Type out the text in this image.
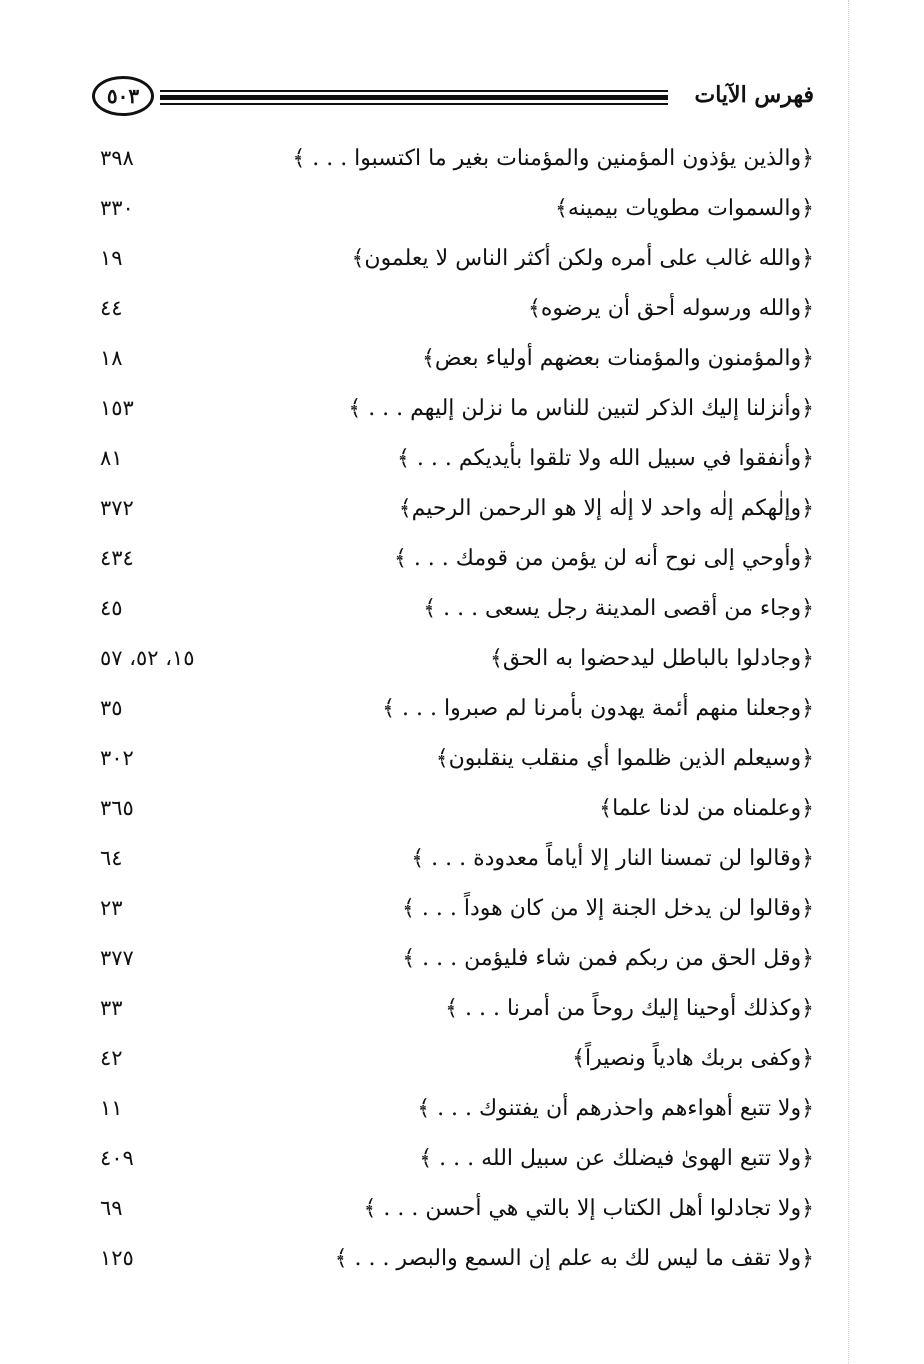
فهرس الآيات
٥٠٣
﴿والذين يؤذون المؤمنين والمؤمنات بغير ما اكتسبوا . . . ﴾
٣٩٨
﴿والسموات مطويات بيمينه﴾
٣٣٠
﴿والله غالب على أمره ولكن أكثر الناس لا يعلمون﴾
١٩
﴿والله ورسوله أحق أن يرضوه﴾
٤٤
﴿والمؤمنون والمؤمنات بعضهم أولياء بعض﴾
١٨
﴿وأنزلنا إليك الذكر لتبين للناس ما نزلن إليهم . . . ﴾
١٥٣
﴿وأنفقوا في سبيل الله ولا تلقوا بأيديكم . . . ﴾
٨١
﴿وإلٰهكم إلٰه واحد لا إلٰه إلا هو الرحمن الرحيم﴾
٣٧٢
﴿وأوحي إلى نوح أنه لن يؤمن من قومك . . . ﴾
٤٣٤
﴿وجاء من أقصى المدينة رجل يسعى . . . ﴾
٤٥
﴿وجادلوا بالباطل ليدحضوا به الحق﴾
١٥، ٥٢، ٥٧
﴿وجعلنا منهم أئمة يهدون بأمرنا لم صبروا . . . ﴾
٣٥
﴿وسيعلم الذين ظلموا أي منقلب ينقلبون﴾
٣٠٢
﴿وعلمناه من لدنا علما﴾
٣٦٥
﴿وقالوا لن تمسنا النار إلا أياماً معدودة . . . ﴾
٦٤
﴿وقالوا لن يدخل الجنة إلا من كان هوداً . . . ﴾
٢٣
﴿وقل الحق من ربكم فمن شاء فليؤمن . . . ﴾
٣٧٧
﴿وكذلك أوحينا إليك روحاً من أمرنا . . . ﴾
٣٣
﴿وكفى بربك هادياً ونصيراً﴾
٤٢
﴿ولا تتبع أهواءهم واحذرهم أن يفتنوك . . . ﴾
١١
﴿ولا تتبع الهوىٰ فيضلك عن سبيل الله . . . ﴾
٤٠٩
﴿ولا تجادلوا أهل الكتاب إلا بالتي هي أحسن . . . ﴾
٦٩
﴿ولا تقف ما ليس لك به علم إن السمع والبصر . . . ﴾
١٢٥
